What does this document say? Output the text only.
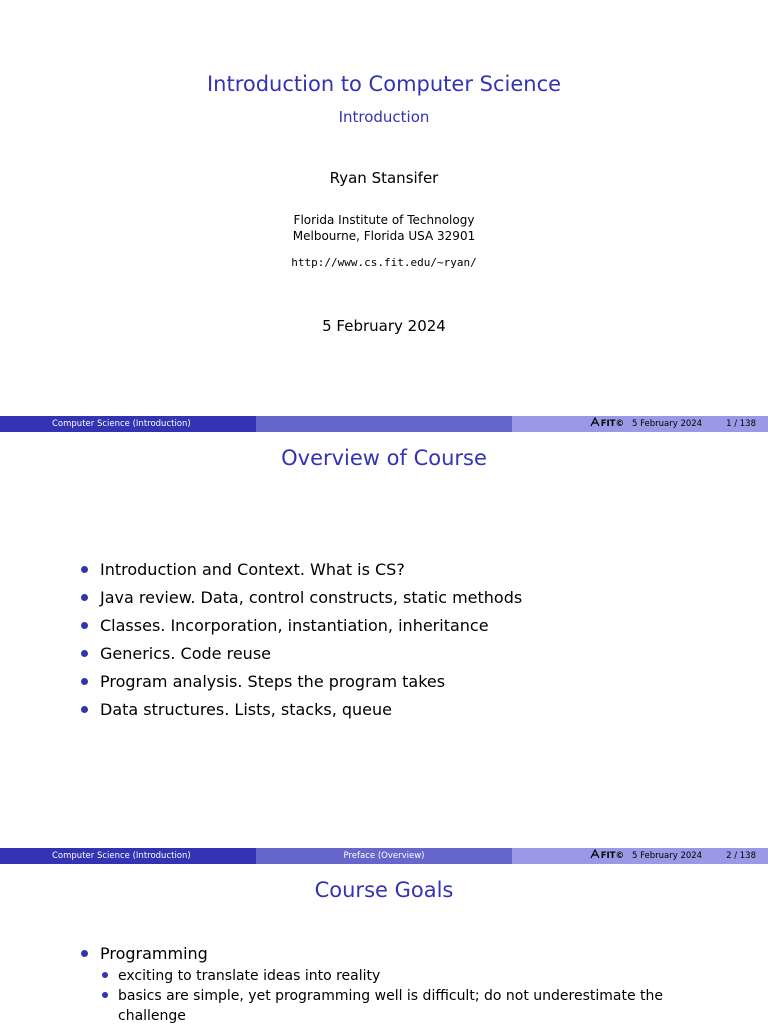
Introduction to Computer Science
Introduction
Ryan Stansifer
Florida Institute of Technology
Melbourne, Florida USA 32901
http://www.cs.fit.edu/~ryan/
5 February 2024
Computer Science (Introduction)	FIT© 5 February 2024	1 / 138
Overview of Course
Introduction and Context. What is CS?
Java review. Data, control constructs, static methods
Classes. Incorporation, instantiation, inheritance
Generics. Code reuse
Program analysis. Steps the program takes
Data structures. Lists, stacks, queue
Computer Science (Introduction)	Preface (Overview)	FIT© 5 February 2024	2 / 138
Course Goals
Programming
exciting to translate ideas into reality
basics are simple, yet programming well is difficult; do not underestimate the challenge
